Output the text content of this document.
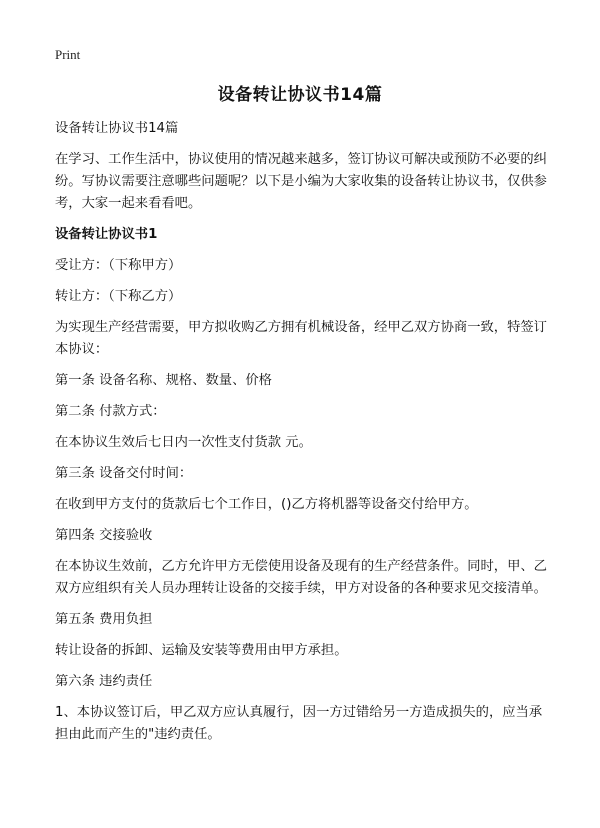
Print
设备转让协议书14篇

设备转让协议书14篇

在学习、工作生活中，协议使用的情况越来越多，签订协议可解决或预防不必要的纠纷。写协议需要注意哪些问题呢？以下是小编为大家收集的设备转让协议书，仅供参考，大家一起来看看吧。

设备转让协议书1

受让方：（下称甲方）

转让方：（下称乙方）

为实现生产经营需要，甲方拟收购乙方拥有机械设备，经甲乙双方协商一致，特签订本协议：

第一条 设备名称、规格、数量、价格

第二条 付款方式：

在本协议生效后七日内一次性支付货款 元。

第三条 设备交付时间：

在收到甲方支付的货款后七个工作日，()乙方将机器等设备交付给甲方。

第四条 交接验收

在本协议生效前，乙方允许甲方无偿使用设备及现有的生产经营条件。同时，甲、乙双方应组织有关人员办理转让设备的交接手续，甲方对设备的各种要求见交接清单。

第五条 费用负担

转让设备的拆卸、运输及安装等费用由甲方承担。

第六条 违约责任

1、本协议签订后，甲乙双方应认真履行，因一方过错给另一方造成损失的，应当承担由此而产生的"违约责任。
